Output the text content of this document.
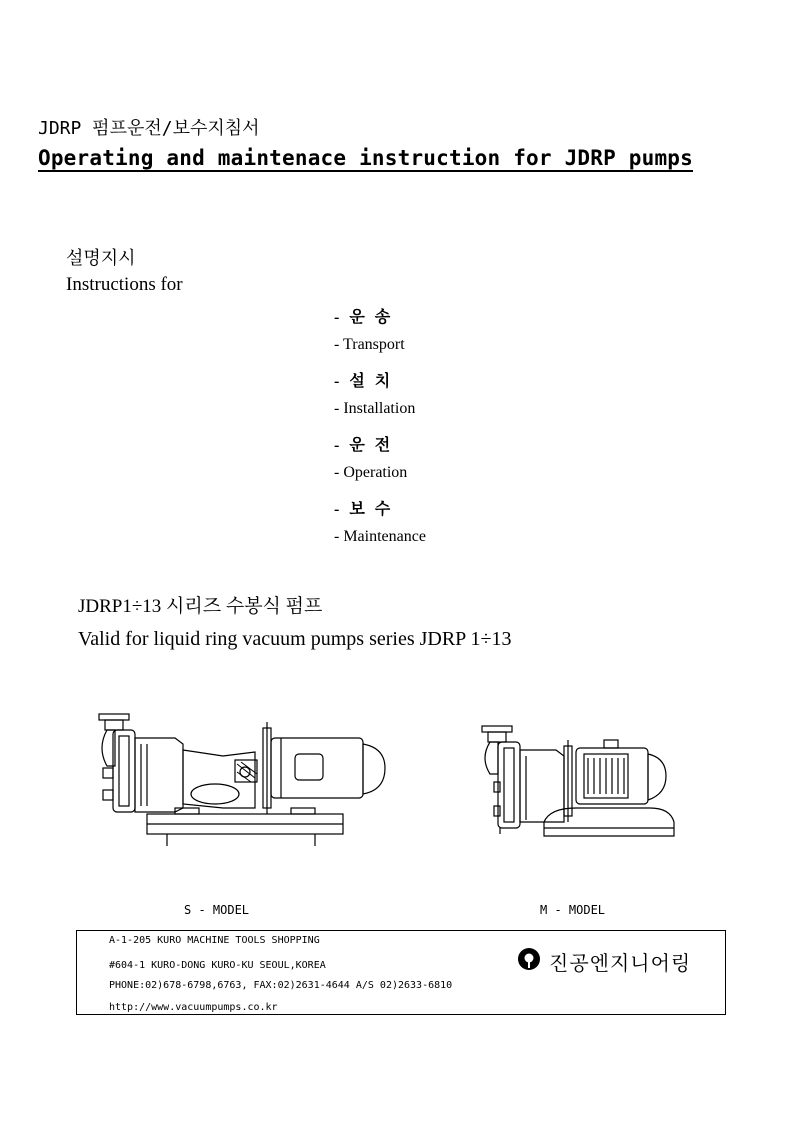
JDRP 펌프운전/보수지침서
Operating and maintenace instruction for JDRP pumps
설명지시
Instructions for
- 운 송
- Transport
- 설 치
- Installation
- 운 전
- Operation
- 보 수
- Maintenance
JDRP1÷13 시리즈 수봉식 펌프
Valid for liquid ring vacuum pumps series JDRP 1÷13
S - MODEL	M - MODEL
A-1-205 KURO MACHINE TOOLS SHOPPING
#604-1 KURO-DONG KURO-KU SEOUL,KOREA
PHONE:02)678-6798,6763, FAX:02)2631-4644 A/S 02)2633-6810
http://www.vacuumpumps.co.kr
진공엔지니어링
